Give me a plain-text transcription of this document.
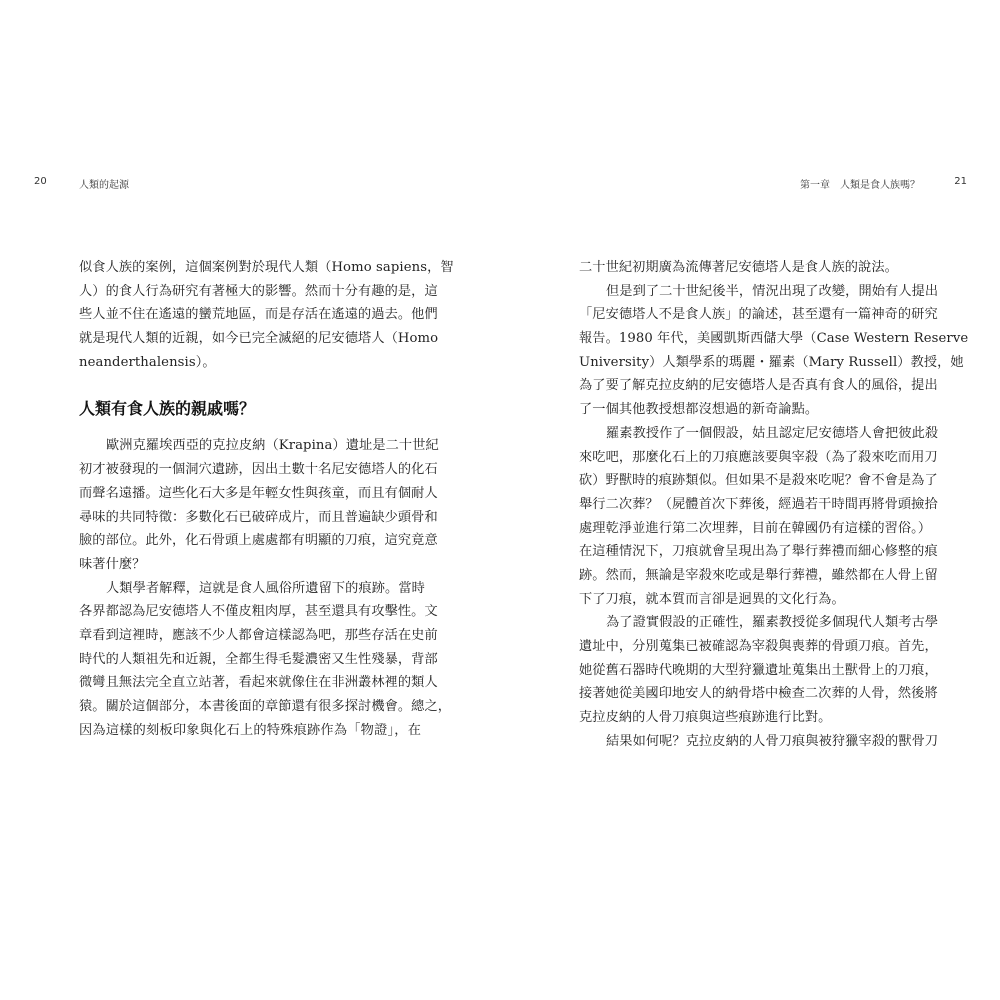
20	人類的起源	第一章　人類是食人族嗎？	21
似食人族的案例，這個案例對於現代人類（Homo sapiens，智
人）的食人行為研究有著極大的影響。然而十分有趣的是，這
些人並不住在遙遠的蠻荒地區，而是存活在遙遠的過去。他們
就是現代人類的近親，如今已完全滅絕的尼安德塔人（Homo
neanderthalensis）。
人類有食人族的親戚嗎？
歐洲克羅埃西亞的克拉皮納（Krapina）遺址是二十世紀
初才被發現的一個洞穴遺跡，因出土數十名尼安德塔人的化石
而聲名遠播。這些化石大多是年輕女性與孩童，而且有個耐人
尋味的共同特徵：多數化石已破碎成片，而且普遍缺少頭骨和
臉的部位。此外，化石骨頭上處處都有明顯的刀痕，這究竟意
味著什麼？
人類學者解釋，這就是食人風俗所遺留下的痕跡。當時
各界都認為尼安德塔人不僅皮粗肉厚，甚至還具有攻擊性。文
章看到這裡時，應該不少人都會這樣認為吧，那些存活在史前
時代的人類祖先和近親，全都生得毛髮濃密又生性殘暴，背部
微彎且無法完全直立站著，看起來就像住在非洲叢林裡的類人
猿。關於這個部分，本書後面的章節還有很多探討機會。總之，
因為這樣的刻板印象與化石上的特殊痕跡作為「物證」，在
二十世紀初期廣為流傳著尼安德塔人是食人族的說法。
但是到了二十世紀後半，情況出現了改變，開始有人提出
「尼安德塔人不是食人族」的論述，甚至還有一篇神奇的研究
報告。1980 年代，美國凱斯西儲大學（Case Western Reserve
University）人類學系的瑪麗・羅素（Mary Russell）教授，她
為了要了解克拉皮納的尼安德塔人是否真有食人的風俗，提出
了一個其他教授想都沒想過的新奇論點。
羅素教授作了一個假設，姑且認定尼安德塔人會把彼此殺
來吃吧，那麼化石上的刀痕應該要與宰殺（為了殺來吃而用刀
砍）野獸時的痕跡類似。但如果不是殺來吃呢？會不會是為了
舉行二次葬？（屍體首次下葬後，經過若干時間再將骨頭撿拾
處理乾淨並進行第二次埋葬，目前在韓國仍有這樣的習俗。）
在這種情況下，刀痕就會呈現出為了舉行葬禮而細心修整的痕
跡。然而，無論是宰殺來吃或是舉行葬禮，雖然都在人骨上留
下了刀痕，就本質而言卻是迥異的文化行為。
為了證實假設的正確性，羅素教授從多個現代人類考古學
遺址中，分別蒐集已被確認為宰殺與喪葬的骨頭刀痕。首先，
她從舊石器時代晚期的大型狩獵遺址蒐集出土獸骨上的刀痕，
接著她從美國印地安人的納骨塔中檢查二次葬的人骨，然後將
克拉皮納的人骨刀痕與這些痕跡進行比對。
結果如何呢？克拉皮納的人骨刀痕與被狩獵宰殺的獸骨刀
